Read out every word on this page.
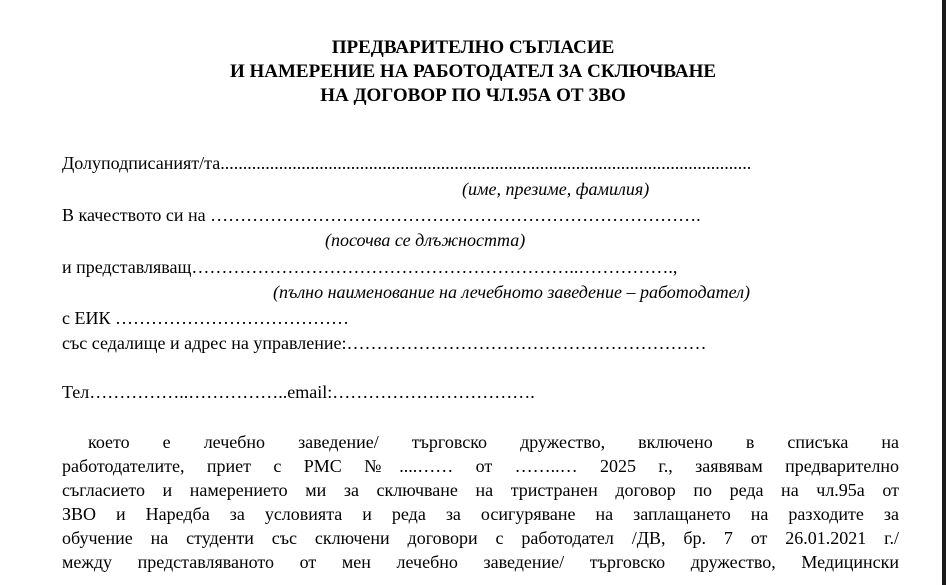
ПРЕДВАРИТЕЛНО СЪГЛАСИЕ
И НАМЕРЕНИЕ НА РАБОТОДАТЕЛ ЗА СКЛЮЧВАНЕ
НА ДОГОВОР ПО ЧЛ.95А ОТ ЗВО
Долуподписаният/та......................................................................................................................
(име, презиме, фамилия)
В качеството си на ……………………………………………………………………….
(посочва се длъжността)
и представляващ………………………………………………………..…………….,
(пълно наименование на лечебното заведение – работодател)
с ЕИК …………………………………
със седалище и адрес на управление:……………………………………………………
Тел……………..……………..email:…………………………….
което е лечебно заведение/ търговско дружество, включено в списъка на
работодателите, приет с РМС №....…… от ……..… 2025 г., заявявам предварително
съгласието и намерението ми за сключване на тристранен договор по реда на чл.95а от
ЗВО и Наредба за условията и реда за осигуряване на заплащането на разходите за
обучение на студенти със сключени договори с работодател /ДВ, бр. 7 от 26.01.2021 г./
между представляваното от мен лечебно заведение/ търговско дружество, Медицински
